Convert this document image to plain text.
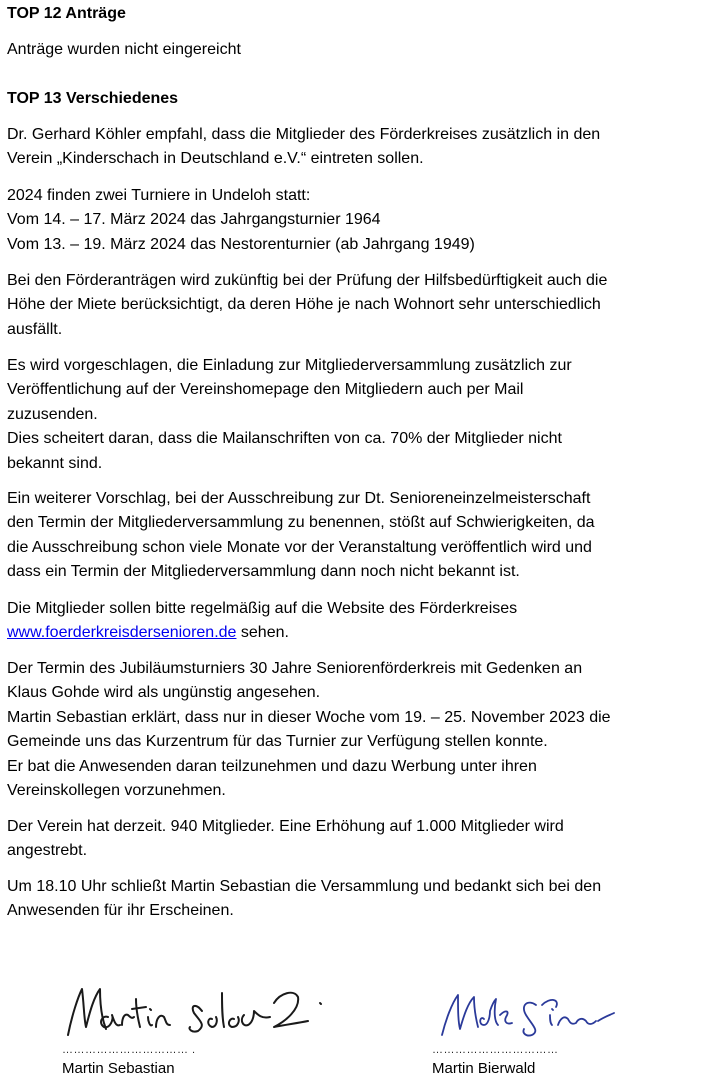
TOP 12 Anträge

Anträge wurden nicht eingereicht

TOP 13 Verschiedenes

Dr. Gerhard Köhler empfahl, dass die Mitglieder des Förderkreises zusätzlich in den
Verein „Kinderschach in Deutschland e.V.“ eintreten sollen.

2024 finden zwei Turniere in Undeloh statt:
Vom 14. – 17. März 2024 das Jahrgangsturnier 1964
Vom 13. – 19. März 2024 das Nestorenturnier (ab Jahrgang 1949)

Bei den Förderanträgen wird zukünftig bei der Prüfung der Hilfsbedürftigkeit auch die
Höhe der Miete berücksichtigt, da deren Höhe je nach Wohnort sehr unterschiedlich
ausfällt.

Es wird vorgeschlagen, die Einladung zur Mitgliederversammlung zusätzlich zur
Veröffentlichung auf der Vereinshomepage den Mitgliedern auch per Mail
zuzusenden.
Dies scheitert daran, dass die Mailanschriften von ca. 70% der Mitglieder nicht
bekannt sind.

Ein weiterer Vorschlag, bei der Ausschreibung zur Dt. Senioreneinzelmeisterschaft
den Termin der Mitgliederversammlung zu benennen, stößt auf Schwierigkeiten, da
die Ausschreibung schon viele Monate vor der Veranstaltung veröffentlich wird und
dass ein Termin der Mitgliederversammlung dann noch nicht bekannt ist.

Die Mitglieder sollen bitte regelmäßig auf die Website des Förderkreises
www.foerderkreisdersenioren.de sehen.

Der Termin des Jubiläumsturniers 30 Jahre Seniorenförderkreis mit Gedenken an
Klaus Gohde wird als ungünstig angesehen.
Martin Sebastian erklärt, dass nur in dieser Woche vom 19. – 25. November 2023 die
Gemeinde uns das Kurzentrum für das Turnier zur Verfügung stellen konnte.
Er bat die Anwesenden daran teilzunehmen und dazu Werbung unter ihren
Vereinskollegen vorzunehmen.

Der Verein hat derzeit. 940 Mitglieder. Eine Erhöhung auf 1.000 Mitglieder wird
angestrebt.

Um 18.10 Uhr schließt Martin Sebastian die Versammlung und bedankt sich bei den
Anwesenden für ihr Erscheinen.

…………………………… .
Martin Sebastian
……………………………
Martin Bierwald
